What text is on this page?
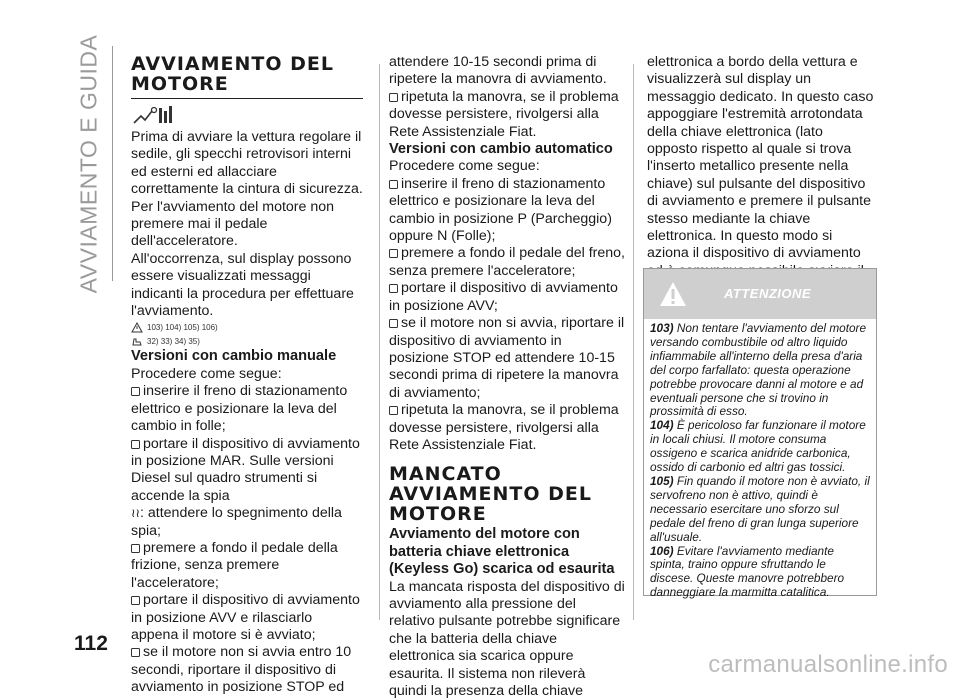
AVVIAMENTO E GUIDA AVVIAMENTO DEL MOTORE

Prima di avviare la vettura regolare il sedile, gli specchi retrovisori interni ed esterni ed allacciare correttamente la cintura di sicurezza.

Per l'avviamento del motore non premere mai il pedale dell'acceleratore.

All'occorrenza, sul display possono essere visualizzati messaggi indicanti la procedura per effettuare l'avviamento.

103) 104) 105) 106)
32) 33) 34) 35)

Versioni con cambio manuale

Procedere come segue:

inserire il freno di stazionamento elettrico e posizionare la leva del cambio in folle;

portare il dispositivo di avviamento in posizione MAR. Sulle versioni Diesel sul quadro strumenti si accende la spia
≀≀: attendere lo spegnimento della spia;

premere a fondo il pedale della frizione, senza premere l'acceleratore;

portare il dispositivo di avviamento in posizione AVV e rilasciarlo appena il motore si è avviato;

se il motore non si avvia entro 10 secondi, riportare il dispositivo di avviamento in posizione STOP ed

attendere 10-15 secondi prima di ripetere la manovra di avviamento.

ripetuta la manovra, se il problema dovesse persistere, rivolgersi alla Rete Assistenziale Fiat.

Versioni con cambio automatico

Procedere come segue:

inserire il freno di stazionamento elettrico e posizionare la leva del cambio in posizione P (Parcheggio) oppure N (Folle);

premere a fondo il pedale del freno, senza premere l'acceleratore;

portare il dispositivo di avviamento in posizione AVV;

se il motore non si avvia, riportare il dispositivo di avviamento in posizione STOP ed attendere 10-15 secondi prima di ripetere la manovra di avviamento;

ripetuta la manovra, se il problema dovesse persistere, rivolgersi alla Rete Assistenziale Fiat.

MANCATO AVVIAMENTO DEL MOTORE

Avviamento del motore con batteria chiave elettronica (Keyless Go) scarica od esaurita

La mancata risposta del dispositivo di avviamento alla pressione del relativo pulsante potrebbe significare che la batteria della chiave elettronica sia scarica oppure esaurita. Il sistema non rileverà quindi la presenza della chiave

elettronica a bordo della vettura e visualizzerà sul display un messaggio dedicato. In questo caso appoggiare l'estremità arrotondata della chiave elettronica (lato opposto rispetto al quale si trova l'inserto metallico presente nella chiave) sul pulsante del dispositivo di avviamento e premere il pulsante stesso mediante la chiave elettronica. In questo modo si aziona il dispositivo di avviamento

ATTENZIONE

103) Non tentare l'avviamento del motore versando combustibile od altro liquido infiammabile all'interno della presa d'aria del corpo farfallato: questa operazione potrebbe provocare danni al motore e ad eventuali persone che si trovino in prossimità di esso.

104) È pericoloso far funzionare il motore in locali chiusi. Il motore consuma ossigeno e scarica anidride carbonica, ossido di carbonio ed altri gas tossici.

105) Fin quando il motore non è avviato, il servofreno non è attivo, quindi è necessario esercitare uno sforzo sul pedale del freno di gran lunga superiore all'usuale.

106) Evitare l'avviamento mediante spinta, traino oppure sfruttando le discese. Queste manovre potrebbero danneggiare la marmitta catalitica.

112
carmanualsonline.info
